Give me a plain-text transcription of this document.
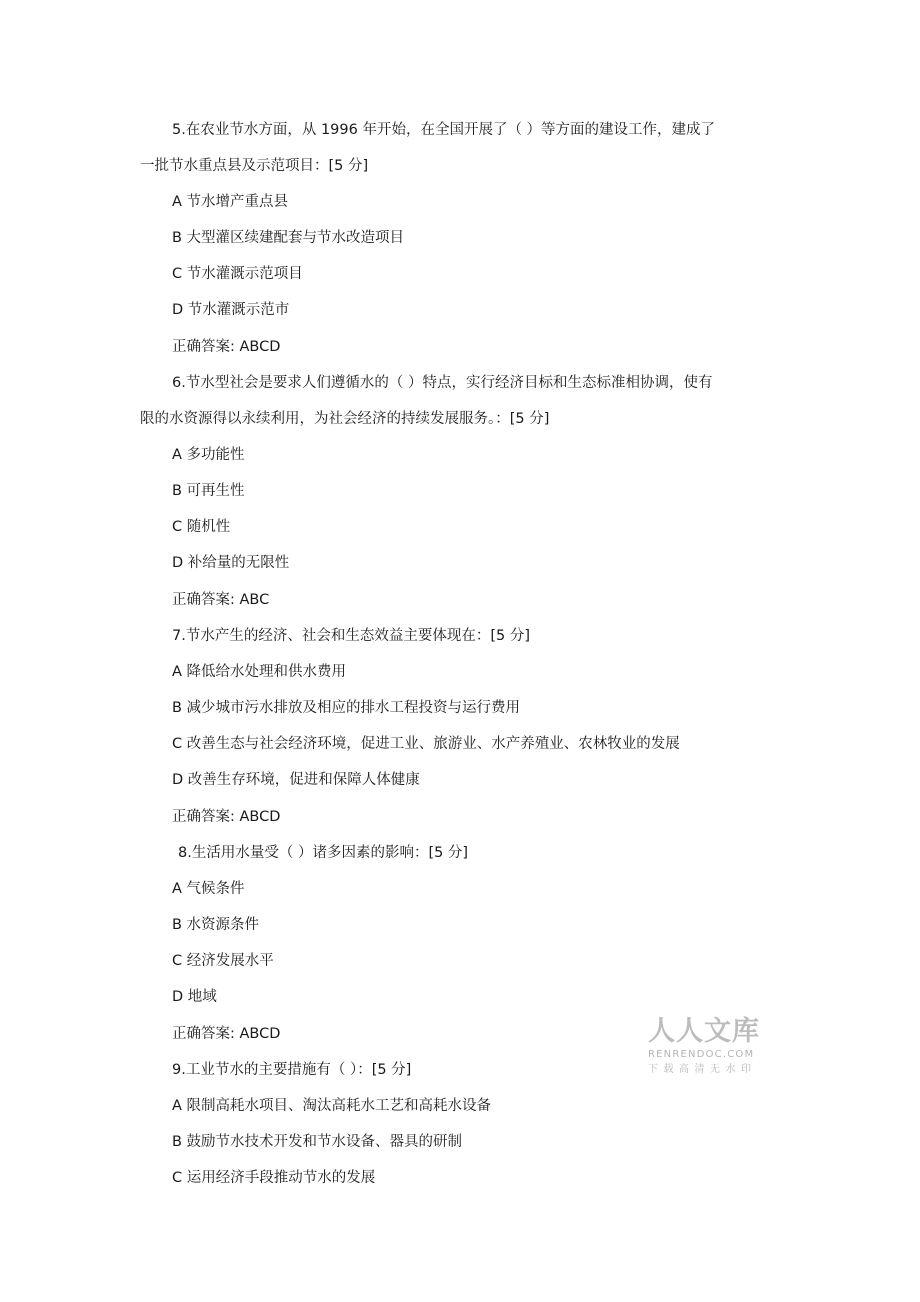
5.在农业节水方面，从 1996 年开始，在全国开展了（ ）等方面的建设工作，建成了
一批节水重点县及示范项目：[5 分]
A 节水增产重点县
B 大型灌区续建配套与节水改造项目
C 节水灌溉示范项目
D 节水灌溉示范市
正确答案: ABCD
6.节水型社会是要求人们遵循水的（ ）特点，实行经济目标和生态标准相协调，使有
限的水资源得以永续利用，为社会经济的持续发展服务。：[5 分]
A 多功能性
B 可再生性
C 随机性
D 补给量的无限性
正确答案: ABC
7.节水产生的经济、社会和生态效益主要体现在：[5 分]
A 降低给水处理和供水费用
B 减少城市污水排放及相应的排水工程投资与运行费用
C 改善生态与社会经济环境，促进工业、旅游业、水产养殖业、农林牧业的发展
D 改善生存环境，促进和保障人体健康
正确答案: ABCD
8.生活用水量受（ ）诸多因素的影响：[5 分]
A 气候条件
B 水资源条件
C 经济发展水平
D 地域
正确答案: ABCD
9.工业节水的主要措施有（ ）：[5 分]
A 限制高耗水项目、淘汰高耗水工艺和高耗水设备
B 鼓励节水技术开发和节水设备、器具的研制
C 运用经济手段推动节水的发展
人人文库
RENRENDOC.COM
下载高清无水印
